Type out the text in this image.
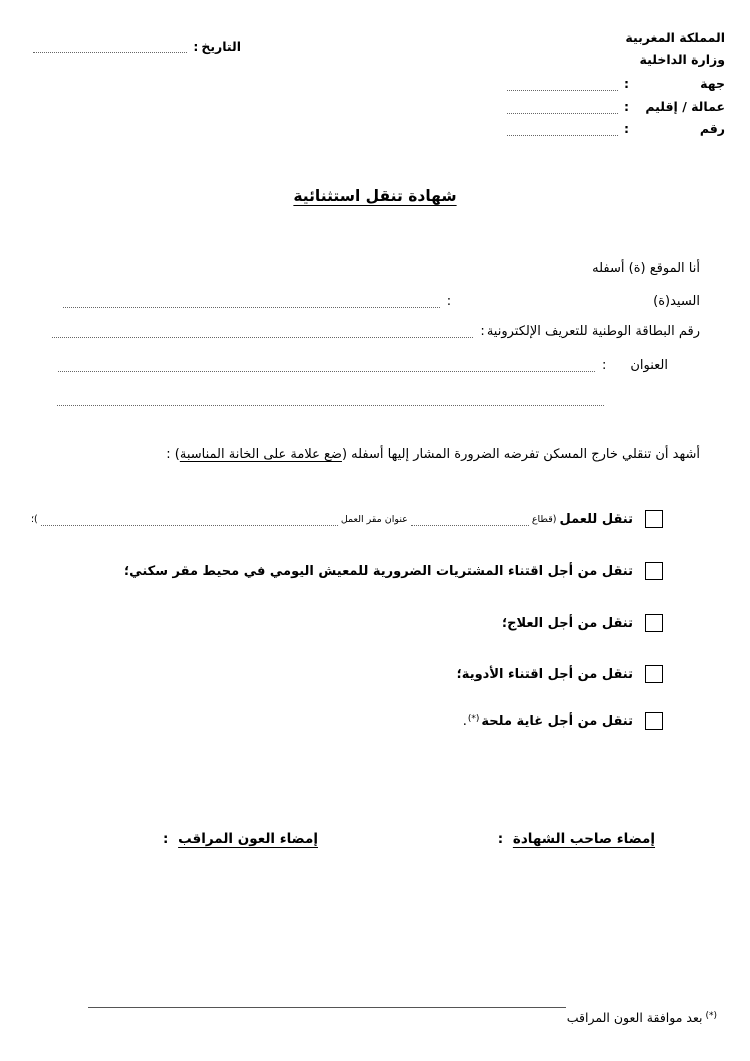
المملكة المغربية
وزارة الداخلية
جهة
:
عمالة / إقليم
:
رقم
:
التاريخ
:
شهادة تنقل استثنائية
أنا الموقع (ة) أسفله
السيد(ة)
:
رقم البطاقة الوطنية للتعريف الإلكترونية
:
العنوان
:
أشهد أن تنقلي خارج المسكن تفرضه الضرورة المشار إليها أسفله (ضع علامة على الخانة المناسبة) :
تنقل للعمل
(قطاع
عنوان مقر العمل
)؛
تنقل من أجل اقتناء المشتريات الضرورية للمعيش اليومي في محيط مقر سكني؛
تنقل من أجل العلاج؛
تنقل من أجل اقتناء الأدوية؛
تنقل من أجل غاية ملحة
(*)
.
إمضاء صاحب الشهادة :
إمضاء العون المراقب :
(*)بعد موافقة العون المراقب
